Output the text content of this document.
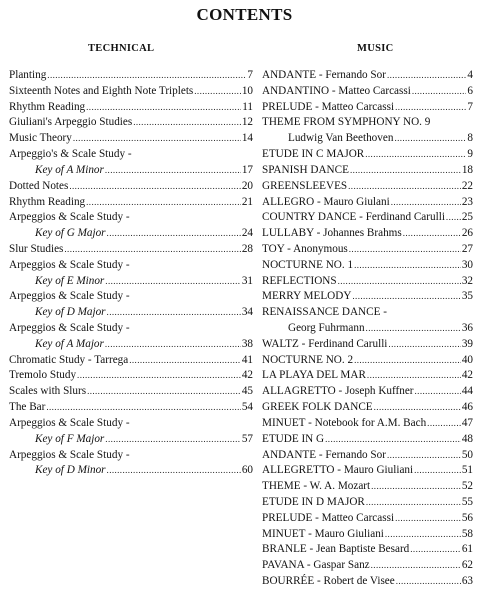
CONTENTS
TECHNICAL	MUSIC
Planting .....	7
Sixteenth Notes and Eighth Note Triplets .....	10
Rhythm Reading .....	11
Giuliani's Arpeggio Studies .....	12
Music Theory .....	14
Arpeggio's & Scale Study -
Key of A Minor .....	17
Dotted Notes .....	20
Rhythm Reading .....	21
Arpeggios & Scale Study -
Key of G Major .....	24
Slur Studies .....	28
Arpeggios & Scale Study -
Key of E Minor .....	31
Arpeggios & Scale Study -
Key of D Major .....	34
Arpeggios & Scale Study -
Key of A Major .....	38
Chromatic Study - Tarrega .....	41
Tremolo Study .....	42
Scales with Slurs .....	45
The Bar .....	54
Arpeggios & Scale Study -
Key of F Major .....	57
Arpeggios & Scale Study -
Key of D Minor .....	60
ANDANTE - Fernando Sor .....	4
ANDANTINO - Matteo Carcassi .....	6
PRELUDE - Matteo Carcassi .....	7
THEME FROM SYMPHONY NO. 9
Ludwig Van Beethoven .....	8
ETUDE IN C MAJOR .....	9
SPANISH DANCE .....	18
GREENSLEEVES .....	22
ALLEGRO - Mauro Giulani .....	23
COUNTRY DANCE - Ferdinand Carulli ..... 25
LULLABY - Johannes Brahms .....	26
TOY - Anonymous .....	27
NOCTURNE NO. 1 .....	30
REFLECTIONS .....	32
MERRY MELODY .....	35
RENAISSANCE DANCE -
Georg Fuhrmann .....	36
WALTZ - Ferdinand Carulli .....	39
NOCTURNE NO. 2 .....	40
LA PLAYA DEL MAR .....	42
ALLAGRETTO - Joseph Kuffner .....	44
GREEK FOLK DANCE .....	46
MINUET - Notebook for A.M. Bach .....	47
ETUDE IN G .....	48
ANDANTE - Fernando Sor .....	50
ALLEGRETTO - Mauro Giuliani .....	51
THEME - W. A. Mozart .....	52
ETUDE IN D MAJOR .....	55
PRELUDE - Matteo Carcassi .....	56
MINUET - Mauro Giuliani .....	58
BRANLE - Jean Baptiste Besard .....	61
PAVANA - Gaspar Sanz .....	62
BOURRÉE - Robert de Visee .....	63
